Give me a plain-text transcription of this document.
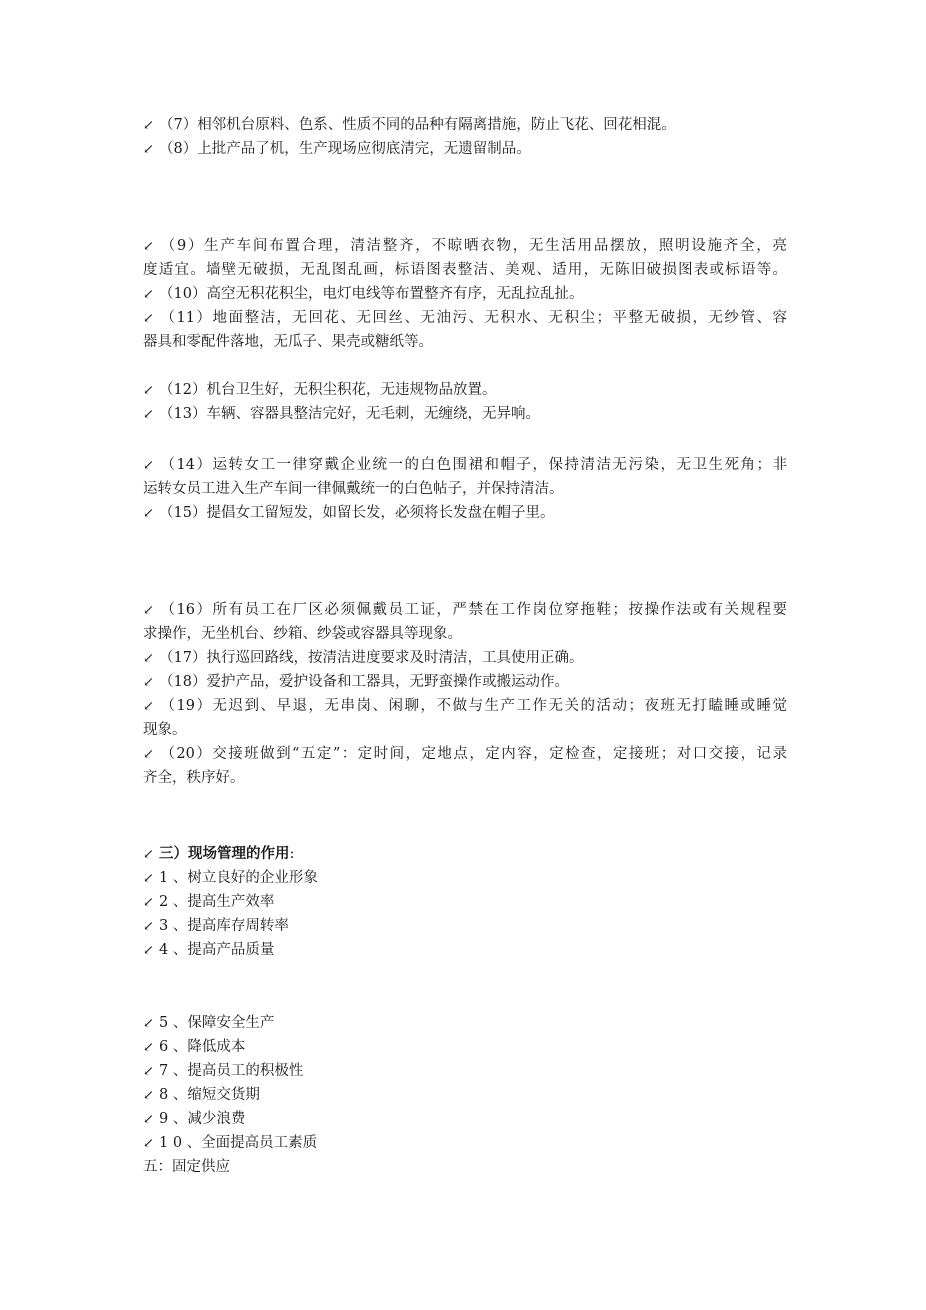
↙ （7）相邻机台原料、色系、性质不同的品种有隔离措施，防止飞花、回花相混。
↙ （8）上批产品了机，生产现场应彻底清完，无遗留制品。
↙ （9）生产车间布置合理，清洁整齐，不晾晒衣物，无生活用品摆放，照明设施齐全，亮
度适宜。墙壁无破损，无乱图乱画，标语图表整洁、美观、适用，无陈旧破损图表或标语等。
↙ （10）高空无积花积尘，电灯电线等布置整齐有序，无乱拉乱扯。
↙ （11）地面整洁，无回花、无回丝、无油污、无积水、无积尘；平整无破损，无纱管、容
器具和零配件落地，无瓜子、果壳或糖纸等。
↙ （12）机台卫生好，无积尘积花，无违规物品放置。
↙ （13）车辆、容器具整洁完好，无毛刺，无缠绕，无异响。
↙ （14）运转女工一律穿戴企业统一的白色围裙和帽子，保持清洁无污染，无卫生死角；非
运转女员工进入生产车间一律佩戴统一的白色帖子，并保持清洁。
↙ （15）提倡女工留短发，如留长发，必须将长发盘在帽子里。
↙ （16）所有员工在厂区必须佩戴员工证，严禁在工作岗位穿拖鞋；按操作法或有关规程要
求操作，无坐机台、纱箱、纱袋或容器具等现象。
↙ （17）执行巡回路线，按清洁进度要求及时清洁，工具使用正确。
↙ （18）爱护产品，爱护设备和工器具，无野蛮操作或搬运动作。
↙ （19）无迟到、早退，无串岗、闲聊，不做与生产工作无关的活动；夜班无打瞌睡或睡觉
现象。
↙ （20）交接班做到“五定”：定时间，定地点，定内容，定检查，定接班；对口交接，记录
齐全，秩序好。
↙ 三）现场管理的作用:
↙ 1 、树立良好的企业形象
↙ 2 、提高生产效率
↙ 3 、提高库存周转率
↙ 4 、提高产品质量
↙ 5 、保障安全生产
↙ 6 、降低成本
↙ 7 、提高员工的积极性
↙ 8 、缩短交货期
↙ 9 、减少浪费
↙ 1 0 、全面提高员工素质
五：固定供应
